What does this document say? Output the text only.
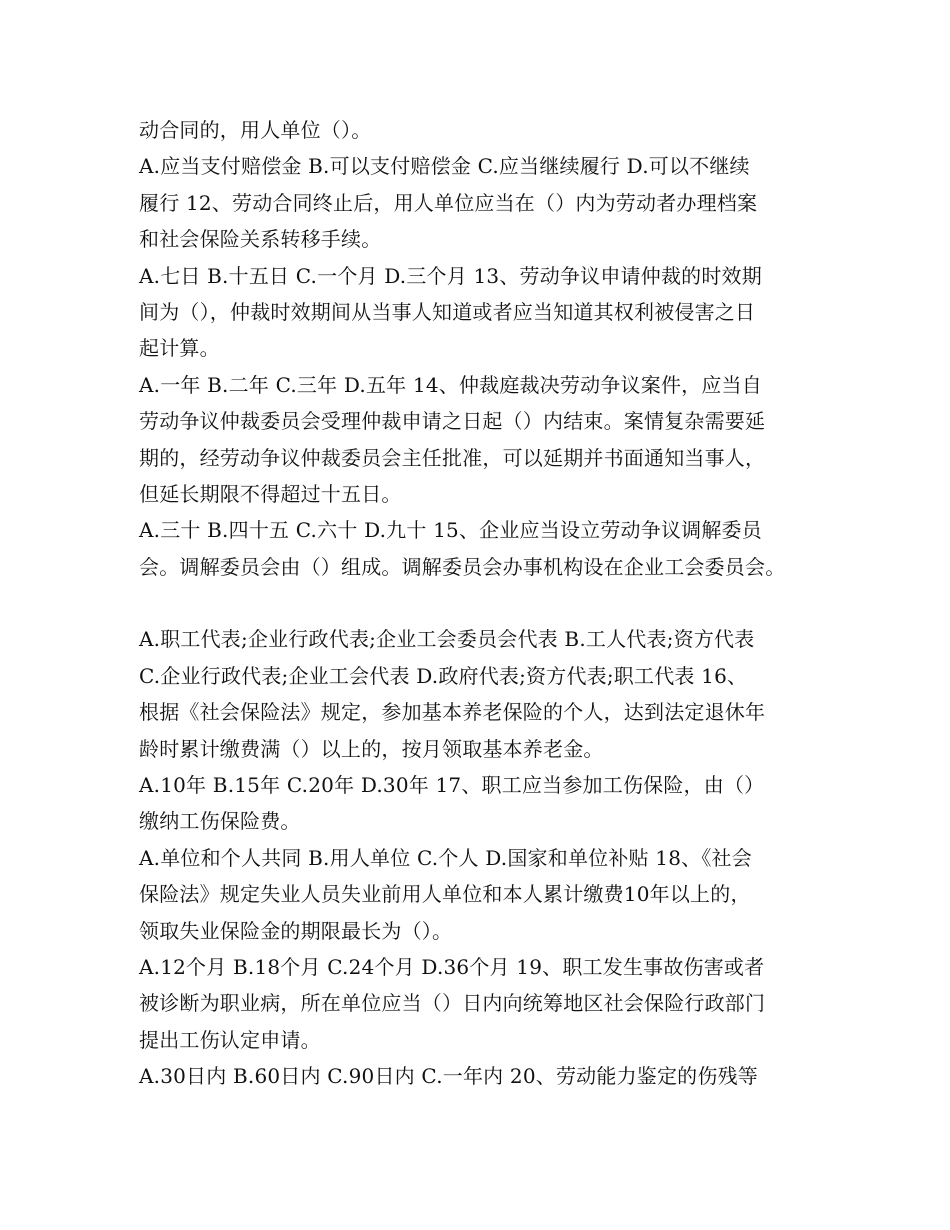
动合同的，用人单位（）。
A.应当支付赔偿金 B.可以支付赔偿金 C.应当继续履行 D.可以不继续
履行 12、劳动合同终止后，用人单位应当在（）内为劳动者办理档案
和社会保险关系转移手续。
A.七日 B.十五日 C.一个月 D.三个月 13、劳动争议申请仲裁的时效期
间为（），仲裁时效期间从当事人知道或者应当知道其权利被侵害之日
起计算。
A.一年 B.二年 C.三年 D.五年 14、仲裁庭裁决劳动争议案件，应当自
劳动争议仲裁委员会受理仲裁申请之日起（）内结束。案情复杂需要延
期的，经劳动争议仲裁委员会主任批准，可以延期并书面通知当事人，
但延长期限不得超过十五日。
A.三十 B.四十五 C.六十 D.九十 15、企业应当设立劳动争议调解委员
会。调解委员会由（）组成。调解委员会办事机构设在企业工会委员会。
A.职工代表;企业行政代表;企业工会委员会代表 B.工人代表;资方代表
C.企业行政代表;企业工会代表 D.政府代表;资方代表;职工代表 16、
根据《社会保险法》规定，参加基本养老保险的个人，达到法定退休年
龄时累计缴费满（）以上的，按月领取基本养老金。
A.10年 B.15年 C.20年 D.30年 17、职工应当参加工伤保险，由（）
缴纳工伤保险费。
A.单位和个人共同 B.用人单位 C.个人 D.国家和单位补贴 18、《社会
保险法》规定失业人员失业前用人单位和本人累计缴费10年以上的，
领取失业保险金的期限最长为（）。
A.12个月 B.18个月 C.24个月 D.36个月 19、职工发生事故伤害或者
被诊断为职业病，所在单位应当（）日内向统筹地区社会保险行政部门
提出工伤认定申请。
A.30日内 B.60日内 C.90日内 C.一年内 20、劳动能力鉴定的伤残等
